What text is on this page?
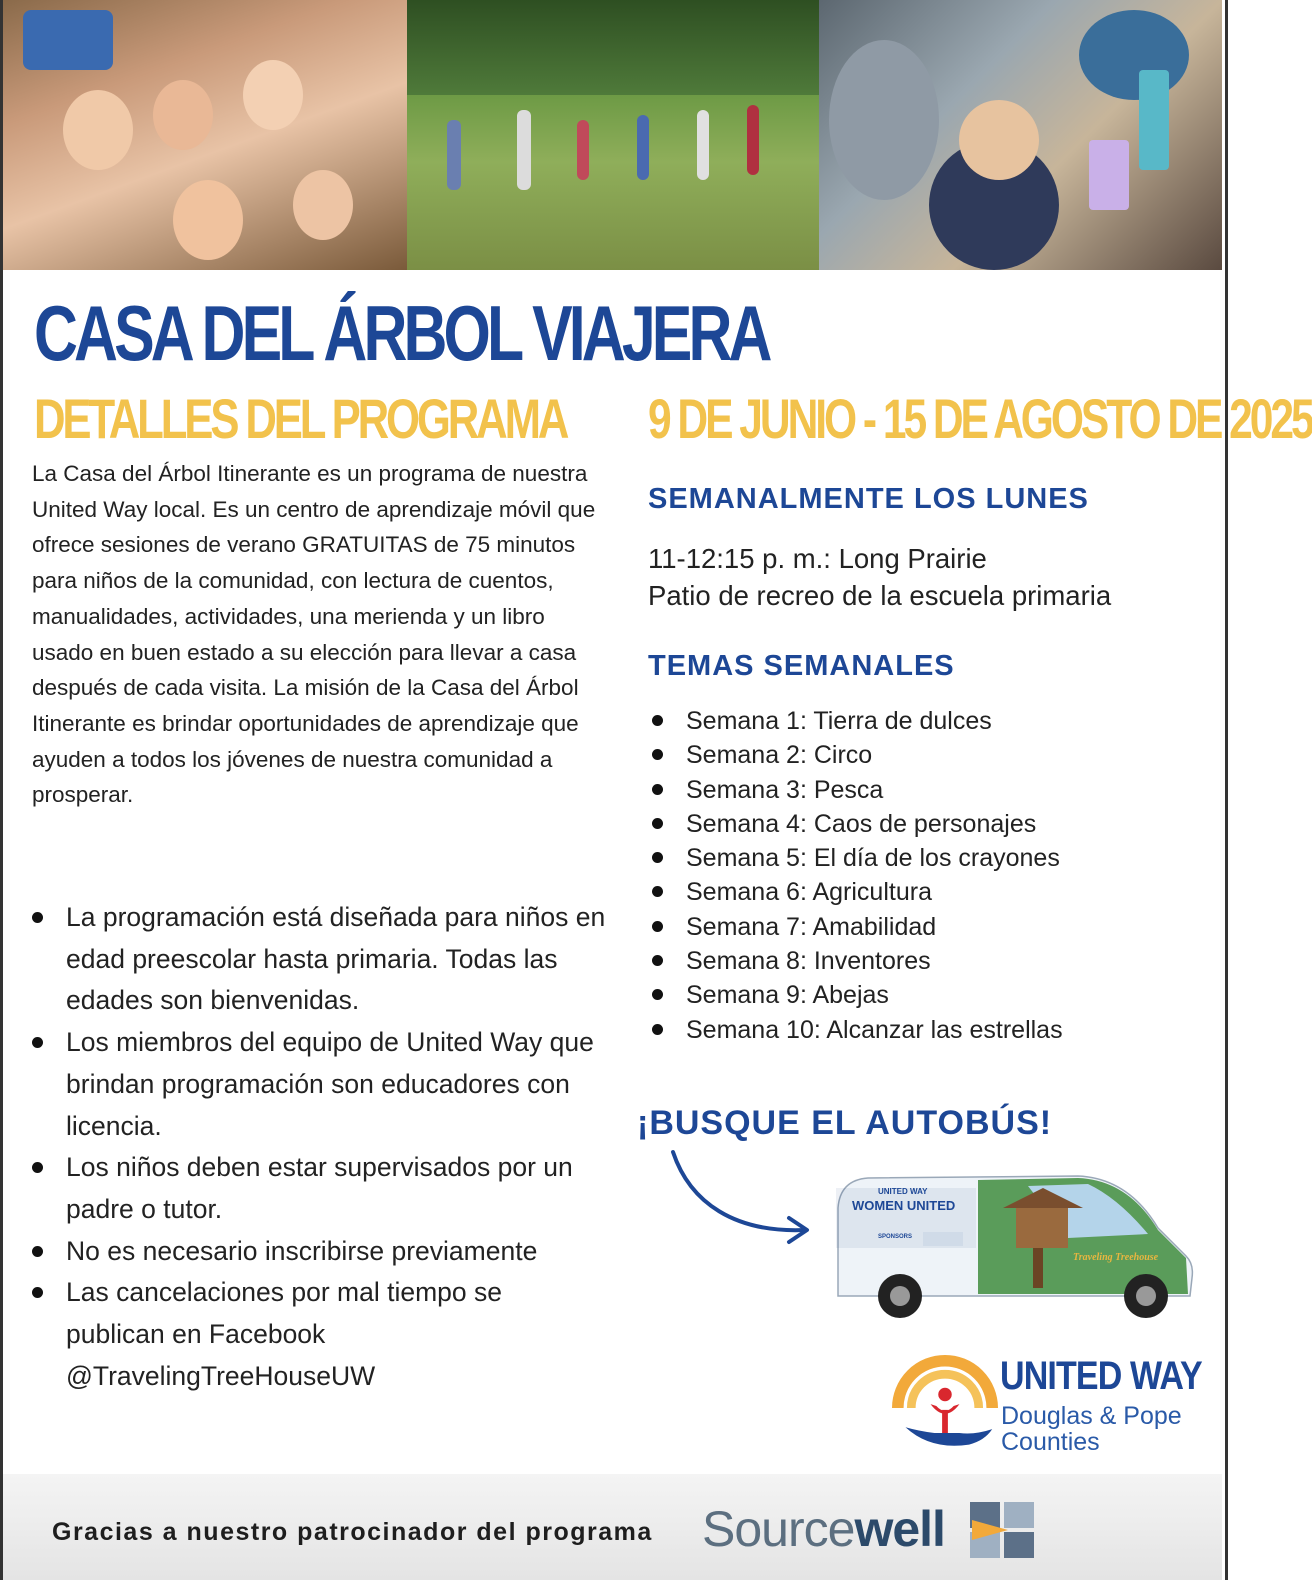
CASA DEL ÁRBOL VIAJERA
DETALLES DEL PROGRAMA 9 DE JUNIO - 15 DE AGOSTO DE 2025
La Casa del Árbol Itinerante es un programa de nuestra United Way local. Es un centro de aprendizaje móvil que ofrece sesiones de verano GRATUITAS de 75 minutos para niños de la comunidad, con lectura de cuentos, manualidades, actividades, una merienda y un libro usado en buen estado a su elección para llevar a casa después de cada visita. La misión de la Casa del Árbol Itinerante es brindar oportunidades de aprendizaje que ayuden a todos los jóvenes de nuestra comunidad a prosperar.
La programación está diseñada para niños en edad preescolar hasta primaria. Todas las edades son bienvenidas.
Los miembros del equipo de United Way que brindan programación son educadores con licencia.
Los niños deben estar supervisados por un padre o tutor.
No es necesario inscribirse previamente
Las cancelaciones por mal tiempo se publican en Facebook @TravelingTreeHouseUW
SEMANALMENTE LOS LUNES
11-12:15 p. m.: Long Prairie
Patio de recreo de la escuela primaria
TEMAS SEMANALES
Semana 1: Tierra de dulces
Semana 2: Circo
Semana 3: Pesca
Semana 4: Caos de personajes
Semana 5: El día de los crayones
Semana 6: Agricultura
Semana 7: Amabilidad
Semana 8: Inventores
Semana 9: Abejas
Semana 10: Alcanzar las estrellas
¡BUSQUE EL AUTOBÚS!
UNITED WAY
WOMEN UNITED
SPONSORS
Traveling Treehouse
UNITED WAY
Douglas & Pope
Counties
Gracias a nuestro patrocinador del programa Sourcewell
